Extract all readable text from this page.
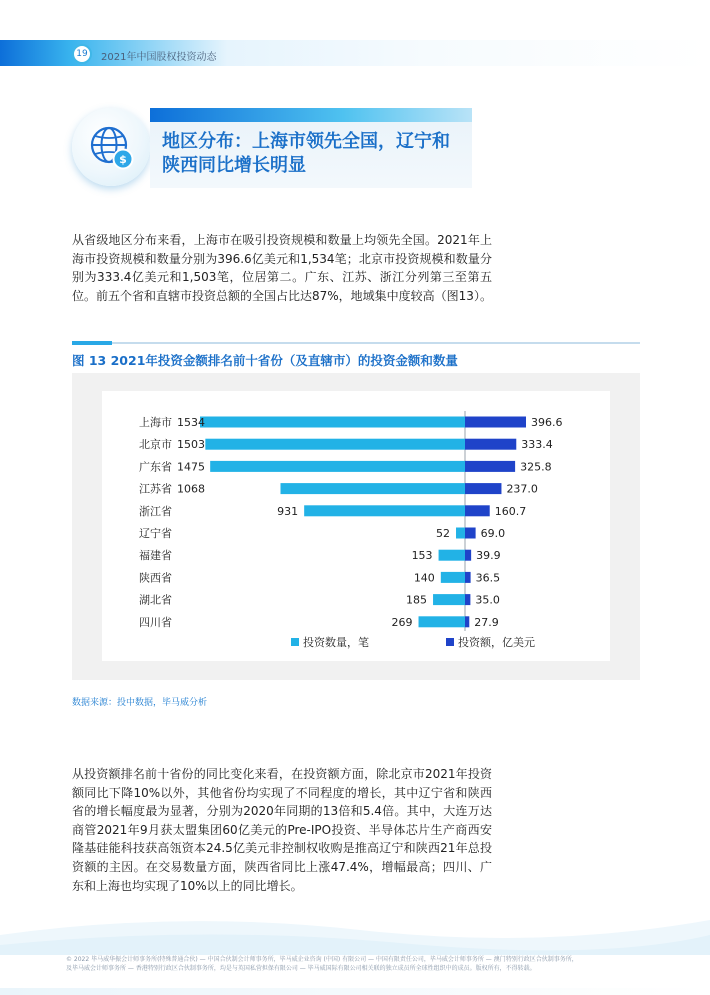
19	2021年中国股权投资动态
$
地区分布：上海市领先全国，辽宁和陕西同比增长明显
从省级地区分布来看，上海市在吸引投资规模和数量上均领先全国。2021年上海市投资规模和数量分别为396.6亿美元和1,534笔；北京市投资规模和数量分别为333.4亿美元和1,503笔，位居第二。广东、江苏、浙江分列第三至第五位。前五个省和直辖市投资总额的全国占比达87%，地域集中度较高（图13）。
图 13 2021年投资金额排名前十省份（及直辖市）的投资金额和数量
上海市 1534	396.6
北京市 1503	333.4
广东省 1475	325.8
江苏省 1068	237.0
浙江省	931	160.7
辽宁省	52	69.0
福建省	153	39.9
陕西省	140	36.5
湖北省	185	35.0
四川省	269	27.9
投资数量，笔	投资额，亿美元
数据来源：投中数据，毕马威分析
从投资额排名前十省份的同比变化来看，在投资额方面，除北京市2021年投资额同比下降10%以外，其他省份均实现了不同程度的增长，其中辽宁省和陕西省的增长幅度最为显著，分别为2020年同期的13倍和5.4倍。其中，大连万达商管2021年9月获太盟集团60亿美元的Pre-IPO投资、半导体芯片生产商西安隆基硅能科技获高瓴资本24.5亿美元非控制权收购是推高辽宁和陕西21年总投资额的主因。在交易数量方面，陕西省同比上涨47.4%，增幅最高；四川、广东和上海也均实现了10%以上的同比增长。
© 2022 毕马威华振会计师事务所(特殊普通合伙) — 中国合伙制会计师事务所，毕马威企业咨询 (中国) 有限公司 — 中国有限责任公司，毕马威会计师事务所 — 澳门特别行政区合伙制事务所，
及毕马威会计师事务所 — 香港特别行政区合伙制事务所，均是与英国私营担保有限公司 — 毕马威国际有限公司相关联的独立成员所全球性组织中的成员。版权所有，不得转载。
